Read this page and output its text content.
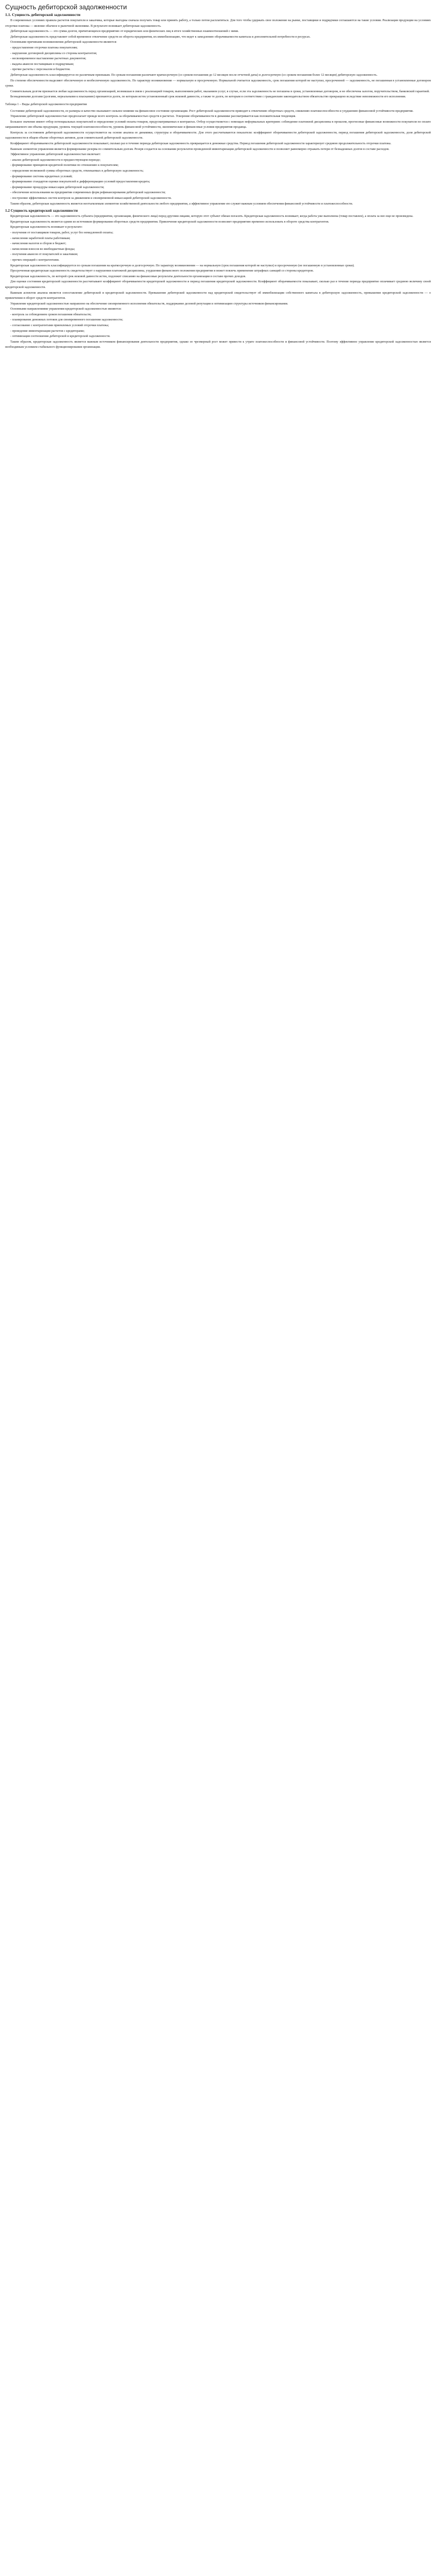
Сущность дебиторской задолженности
1.1. Сущность дебиторской задолженности

В современных условиях правила расчетов покупателя и заказчика, которые выгодны сначала получать товар или принять работу, а только потом расплатиться. Для того чтобы удержать свое положение на рынке, поставщики и подрядчики соглашаются на такие условия. Реализация продукции на условиях отсрочки платежа — явление обычное в рыночной экономике. В результате возникает дебиторская задолженность.

Дебиторская задолженность — это сумма долгов, причитающихся предприятию от юридических или физических лиц в итоге хозяйственных взаимоотношений с ними.

Дебиторская задолженность представляет собой временное отвлечение средств из оборота предприятия, их иммобилизацию, что ведет к замедлению оборачиваемости капитала и дополнительной потребности в ресурсах.

Основными причинами возникновения дебиторской задолженности являются:

- предоставление отсрочки платежа покупателям;

- нарушение договорной дисциплины со стороны контрагентов;

- несвоевременное выставление расчетных документов;

- выдача авансов поставщикам и подрядчикам;

- прочие расчеты с персоналом и бюджетом.

Дебиторская задолженность классифицируется по различным признакам. По срокам погашения различают краткосрочную (со сроком погашения до 12 месяцев после отчетной даты) и долгосрочную (со сроком погашения более 12 месяцев) дебиторскую задолженность.

По степени обеспеченности выделяют обеспеченную и необеспеченную задолженность. По характеру возникновения — нормальную и просроченную. Нормальной считается задолженность, срок погашения которой не наступил, просроченной — задолженность, не погашенная в установленные договором сроки.

Сомнительным долгом признается любая задолженность перед организацией, возникшая в связи с реализацией товаров, выполнением работ, оказанием услуг, в случае, если эта задолженность не погашена в сроки, установленные договором, и не обеспечена залогом, поручительством, банковской гарантией.

Безнадежными долгами (долгами, нереальными к взысканию) признаются долги, по которым истек установленный срок исковой давности, а также те долги, по которым в соответствии с гражданским законодательством обязательство прекращено вследствие невозможности его исполнения.

Таблица 1 – Виды дебиторской задолженности предприятия

Состояние дебиторской задолженности, ее размеры и качество оказывают сильное влияние на финансовое состояние организации. Рост дебиторской задолженности приводит к отвлечению оборотных средств, снижению платежеспособности и ухудшению финансовой устойчивости предприятия.

Управление дебиторской задолженностью предполагает прежде всего контроль за оборачиваемостью средств в расчетах. Ускорение оборачиваемости в динамике рассматривается как положительная тенденция.

Большое значение имеют отбор потенциальных покупателей и определение условий оплаты товаров, предусматриваемых в контрактах. Отбор осуществляется с помощью неформальных критериев: соблюдение платежной дисциплины в прошлом, прогнозные финансовые возможности покупателя по оплате запрашиваемого им объема продукции, уровень текущей платежеспособности, уровень финансовой устойчивости, экономические и финансовые условия предприятия-продавца.

Контроль за состоянием дебиторской задолженности осуществляется на основе анализа ее динамики, структуры и оборачиваемости. Для этого рассчитываются показатели: коэффициент оборачиваемости дебиторской задолженности, период погашения дебиторской задолженности, доля дебиторской задолженности в общем объеме оборотных активов, доля сомнительной дебиторской задолженности.

Коэффициент оборачиваемости дебиторской задолженности показывает, сколько раз в течение периода дебиторская задолженность превращается в денежные средства. Период погашения дебиторской задолженности характеризует среднюю продолжительность отсрочки платежа.

Важным элементом управления является формирование резерва по сомнительным долгам. Резерв создается на основании результатов проведенной инвентаризации дебиторской задолженности и позволяет равномерно отражать потери от безнадежных долгов в составе расходов.

Эффективное управление дебиторской задолженностью включает:

- анализ дебиторской задолженности в предшествующем периоде;

- формирование принципов кредитной политики по отношению к покупателям;

- определение возможной суммы оборотных средств, отвлекаемых в дебиторскую задолженность;

- формирование системы кредитных условий;

- формирование стандартов оценки покупателей и дифференциацию условий предоставления кредита;

- формирование процедуры инкассации дебиторской задолженности;

- обеспечение использования на предприятии современных форм рефинансирования дебиторской задолженности;

- построение эффективных систем контроля за движением и своевременной инкассацией дебиторской задолженности.

Таким образом, дебиторская задолженность является неотъемлемым элементом хозяйственной деятельности любого предприятия, а эффективное управление ею служит важным условием обеспечения финансовой устойчивости и платежеспособности.

1.2 Сущность кредиторской задолженности

Кредиторская задолженность — это задолженность субъекта (предприятия, организации, физического лица) перед другими лицами, которую этот субъект обязан погасить. Кредиторская задолженность возникает, когда работа уже выполнена (товар поставлен), а оплата за нее еще не произведена.

Кредиторская задолженность является одним из источников формирования оборотных средств предприятия. Привлечение кредиторской задолженности позволяет предприятию временно использовать в обороте средства контрагентов.

Кредиторская задолженность возникает в результате:

- получения от поставщиков товаров, работ, услуг без немедленной оплаты;

- начисления заработной платы работникам;

- начисления налогов и сборов в бюджет;

- начисления взносов во внебюджетные фонды;

- получения авансов от покупателей и заказчиков;

- прочих операций с контрагентами.

Кредиторская задолженность классифицируется по срокам погашения на краткосрочную и долгосрочную. По характеру возникновения — на нормальную (срок погашения которой не наступил) и просроченную (не погашенную в установленные сроки).

Просроченная кредиторская задолженность свидетельствует о нарушении платежной дисциплины, ухудшении финансового положения предприятия и может повлечь применение штрафных санкций со стороны кредиторов.

Кредиторская задолженность, по которой срок исковой давности истек, подлежит списанию на финансовые результаты деятельности организации в составе прочих доходов.

Для оценки состояния кредиторской задолженности рассчитывают коэффициент оборачиваемости кредиторской задолженности и период погашения кредиторской задолженности. Коэффициент оборачиваемости показывает, сколько раз в течение периода предприятие оплачивает среднюю величину своей кредиторской задолженности.

Важным аспектом анализа является сопоставление дебиторской и кредиторской задолженности. Превышение дебиторской задолженности над кредиторской свидетельствует об иммобилизации собственного капитала в дебиторскую задолженность, превышение кредиторской задолженности — о привлечении в оборот средств контрагентов.

Управление кредиторской задолженностью направлено на обеспечение своевременного исполнения обязательств, поддержание деловой репутации и оптимизацию структуры источников финансирования.

Основными направлениями управления кредиторской задолженностью являются:

- контроль за соблюдением сроков погашения обязательств;

- планирование денежных потоков для своевременного погашения задолженности;

- согласование с контрагентами приемлемых условий отсрочки платежа;

- проведение инвентаризации расчетов с кредиторами;

- оптимизация соотношения дебиторской и кредиторской задолженности.

Таким образом, кредиторская задолженность является важным источником финансирования деятельности предприятия, однако ее чрезмерный рост может привести к утрате платежеспособности и финансовой устойчивости. Поэтому эффективное управление кредиторской задолженностью является необходимым условием стабильного функционирования организации.
